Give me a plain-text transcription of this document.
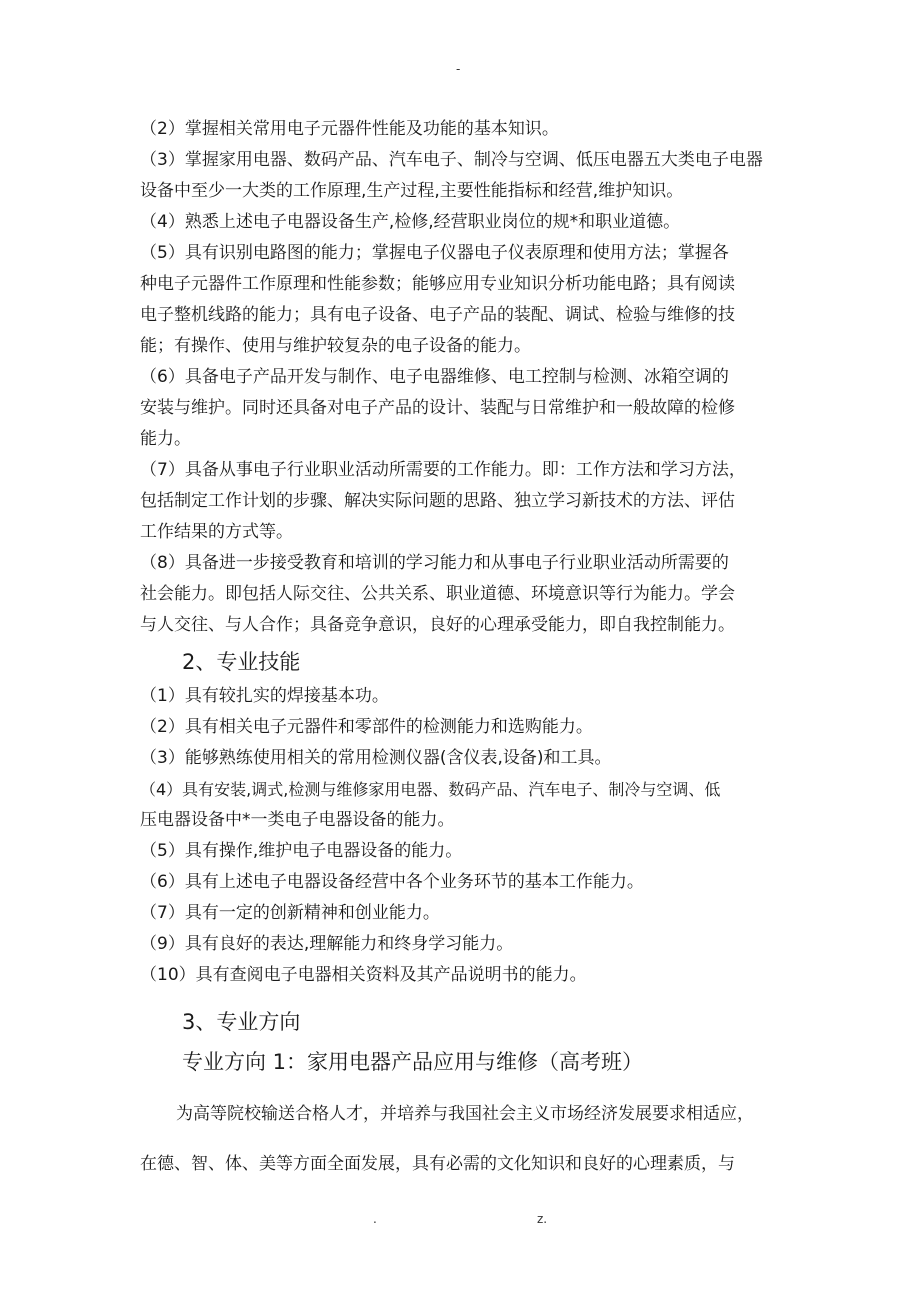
-

（2）掌握相关常用电子元器件性能及功能的基本知识。

（3）掌握家用电器、数码产品、汽车电子、制冷与空调、低压电器五大类电子电器

设备中至少一大类的工作原理,生产过程,主要性能指标和经营,维护知识。

（4）熟悉上述电子电器设备生产,检修,经营职业岗位的规*和职业道德。

（5）具有识别电路图的能力；掌握电子仪器电子仪表原理和使用方法；掌握各

种电子元器件工作原理和性能参数；能够应用专业知识分析功能电路；具有阅读

电子整机线路的能力；具有电子设备、电子产品的装配、调试、检验与维修的技

能；有操作、使用与维护较复杂的电子设备的能力。

（6）具备电子产品开发与制作、电子电器维修、电工控制与检测、冰箱空调的

安装与维护。同时还具备对电子产品的设计、装配与日常维护和一般故障的检修

能力。

（7）具备从事电子行业职业活动所需要的工作能力。即：工作方法和学习方法，

包括制定工作计划的步骤、解决实际问题的思路、独立学习新技术的方法、评估

工作结果的方式等。

（8）具备进一步接受教育和培训的学习能力和从事电子行业职业活动所需要的

社会能力。即包括人际交往、公共关系、职业道德、环境意识等行为能力。学会

与人交往、与人合作；具备竞争意识，良好的心理承受能力，即自我控制能力。

2、专业技能

（1）具有较扎实的焊接基本功。

（2）具有相关电子元器件和零部件的检测能力和选购能力。

（3）能够熟练使用相关的常用检测仪器(含仪表,设备)和工具。

（4）具有安装,调式,检测与维修家用电器、数码产品、汽车电子、制冷与空调、低

压电器设备中*一类电子电器设备的能力。

（5）具有操作,维护电子电器设备的能力。

（6）具有上述电子电器设备经营中各个业务环节的基本工作能力。

（7）具有一定的创新精神和创业能力。

（9）具有良好的表达,理解能力和终身学习能力。

（10）具有查阅电子电器相关资料及其产品说明书的能力。

3、专业方向
专业方向 1：家用电器产品应用与维修（高考班）

为高等院校输送合格人才，并培养与我国社会主义市场经济发展要求相适应，

在德、智、体、美等方面全面发展，具有必需的文化知识和良好的心理素质，与

.	z.
